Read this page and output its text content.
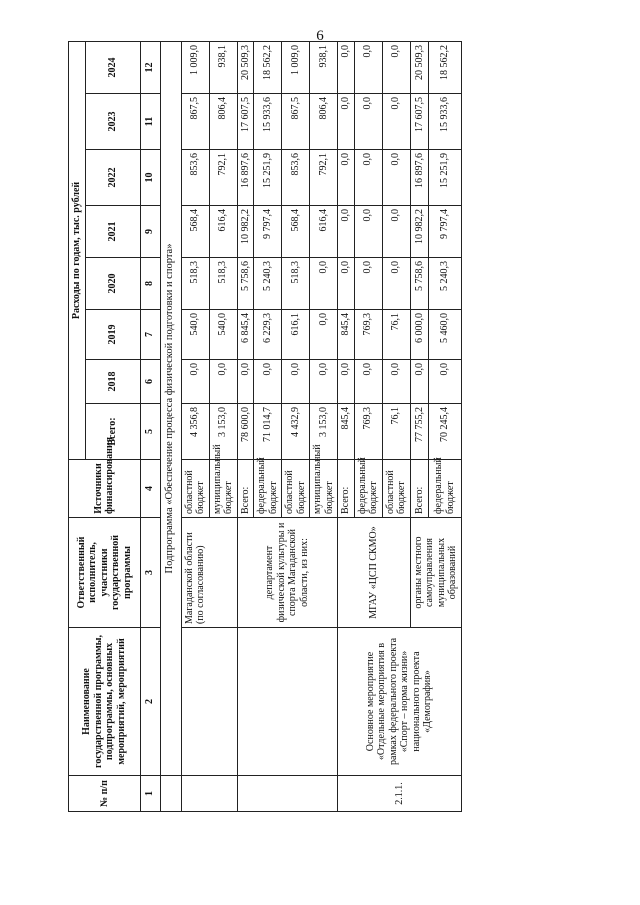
6
№ п/п	Наименование государственной программы, подпрограммы, основных мероприятий, мероприятий	Ответственный исполнитель, участники государственной программы	Источники финансирования	Расходы по годам, тыс. рублей							
				Всего:	2018	2019	2020	2021	2022	2023	2024
1	2	3	4	5	6	7	8	9	10	11	12
	Подпрограмма «Обеспечение процесса физической подготовки и спорта»										
		Магаданской области (по согласованию)	областной бюджет	4 356,8	0,0	540,0	518,3	568,4	853,6	867,5	1 009,0
			муниципальный бюджет	3 153,0	0,0	540,0	518,3	616,4	792,1	806,4	938,1
		департамент физической культуры и спорта Магаданской области, из них:	Всего:	78 600,0	0,0	6 845,4	5 758,6	10 982,2	16 897,6	17 607,5	20 509,3
			федеральный бюджет	71 014,7	0,0	6 229,3	5 240,3	9 797,4	15 251,9	15 933,6	18 562,2
			областной бюджет	4 432,9	0,0	616,1	518,3	568,4	853,6	867,5	1 009,0
			муниципальный бюджет	3 153,0	0,0	0,0	0,0	616,4	792,1	806,4	938,1
2.1.1.	Основное мероприятие «Отдельные мероприятия в рамках федерального проекта «Спорт – норма жизни» национального проекта «Демография»	МГАУ «ЦСП СКМО»	Всего:	845,4	0,0	845,4	0,0	0,0	0,0	0,0	0,0
			федеральный бюджет	769,3	0,0	769,3	0,0	0,0	0,0	0,0	0,0
			областной бюджет	76,1	0,0	76,1	0,0	0,0	0,0	0,0	0,0
		органы местного самоуправления муниципальных образований	Всего:	77 755,2	0,0	6 000,0	5 758,6	10 982,2	16 897,6	17 607,5	20 509,3
			федеральный бюджет	70 245,4	0,0	5 460,0	5 240,3	9 797,4	15 251,9	15 933,6	18 562,2
